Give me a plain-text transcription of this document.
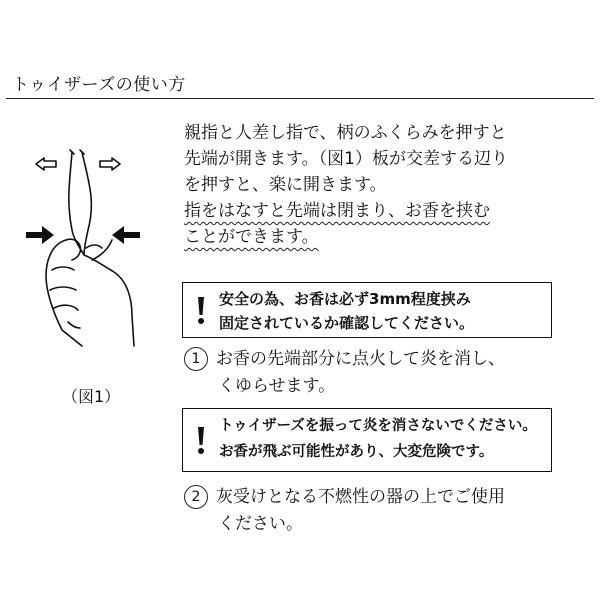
トゥイザーズの使い方
（図1）
親指と人差し指で、柄のふくらみを押すと
先端が開きます。（図1）板が交差する辺り
を押すと、楽に開きます。
指をはなすと先端は閉まり、お香を挟む
ことができます。
安全の為、お香は必ず3mm程度挟み
固定されているか確認してください。
1 お香の先端部分に点火して炎を消し、
くゆらせます。
トゥイザーズを振って炎を消さないでください。
お香が飛ぶ可能性があり、大変危険です。
2 灰受けとなる不燃性の器の上でご使用
ください。
